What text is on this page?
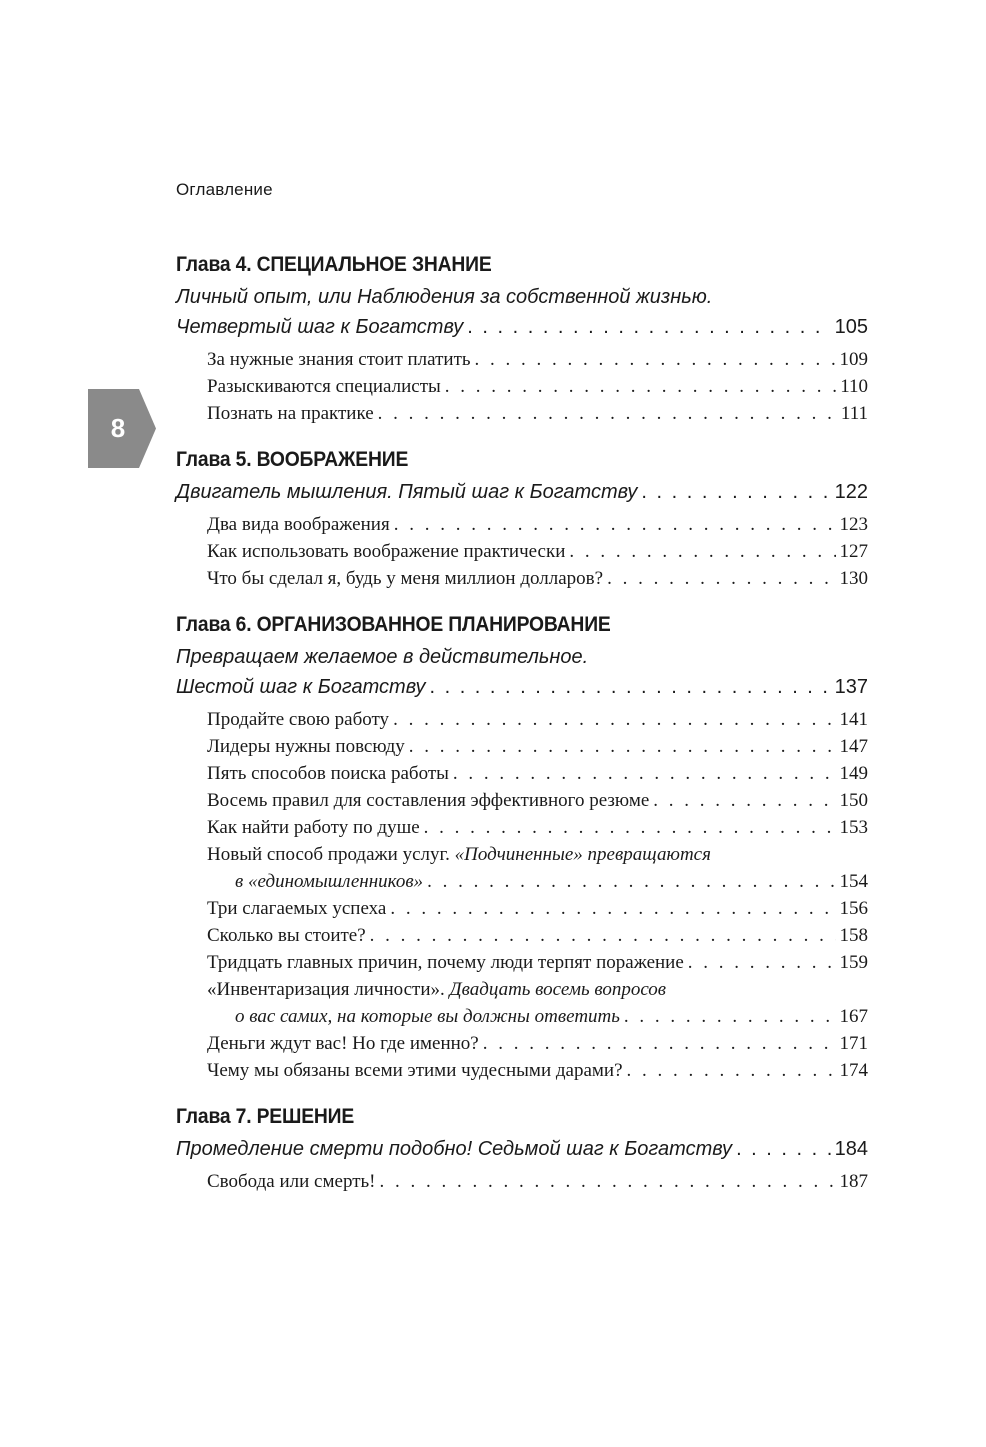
Оглавление
8
Глава 4. СПЕЦИАЛЬНОЕ ЗНАНИЕ
Личный опыт, или Наблюдения за собственной жизнью.
Четвертый шаг к Богатству . . .	105
За нужные знания стоит платить . . .	109
Разыскиваются специалисты . . .	110
Познать на практике . . .	111
Глава 5. ВООБРАЖЕНИЕ
Двигатель мышления. Пятый шаг к Богатству . . .	122
Два вида воображения . . .	123
Как использовать воображение практически . . .	127
Что бы сделал я, будь у меня миллион долларов? . . .	130
Глава 6. ОРГАНИЗОВАННОЕ ПЛАНИРОВАНИЕ
Превращаем желаемое в действительное.
Шестой шаг к Богатству . . .	137
Продайте свою работу . . .	141
Лидеры нужны повсюду . . .	147
Пять способов поиска работы . . .	149
Восемь правил для составления эффективного резюме . . .	150
Как найти работу по душе . . .	153
Новый способ продажи услуг. «Подчиненные» превращаются
в «единомышленников» . . .	154
Три слагаемых успеха . . .	156
Сколько вы стоите? . . .	158
Тридцать главных причин, почему люди терпят поражение . . .	159
«Инвентаризация личности». Двадцать восемь вопросов
о вас самих, на которые вы должны ответить . . .	167
Деньги ждут вас! Но где именно? . . .	171
Чему мы обязаны всеми этими чудесными дарами? . . .	174
Глава 7. РЕШЕНИЕ
Промедление смерти подобно! Седьмой шаг к Богатству . . .	184
Свобода или смерть! . . .	187
